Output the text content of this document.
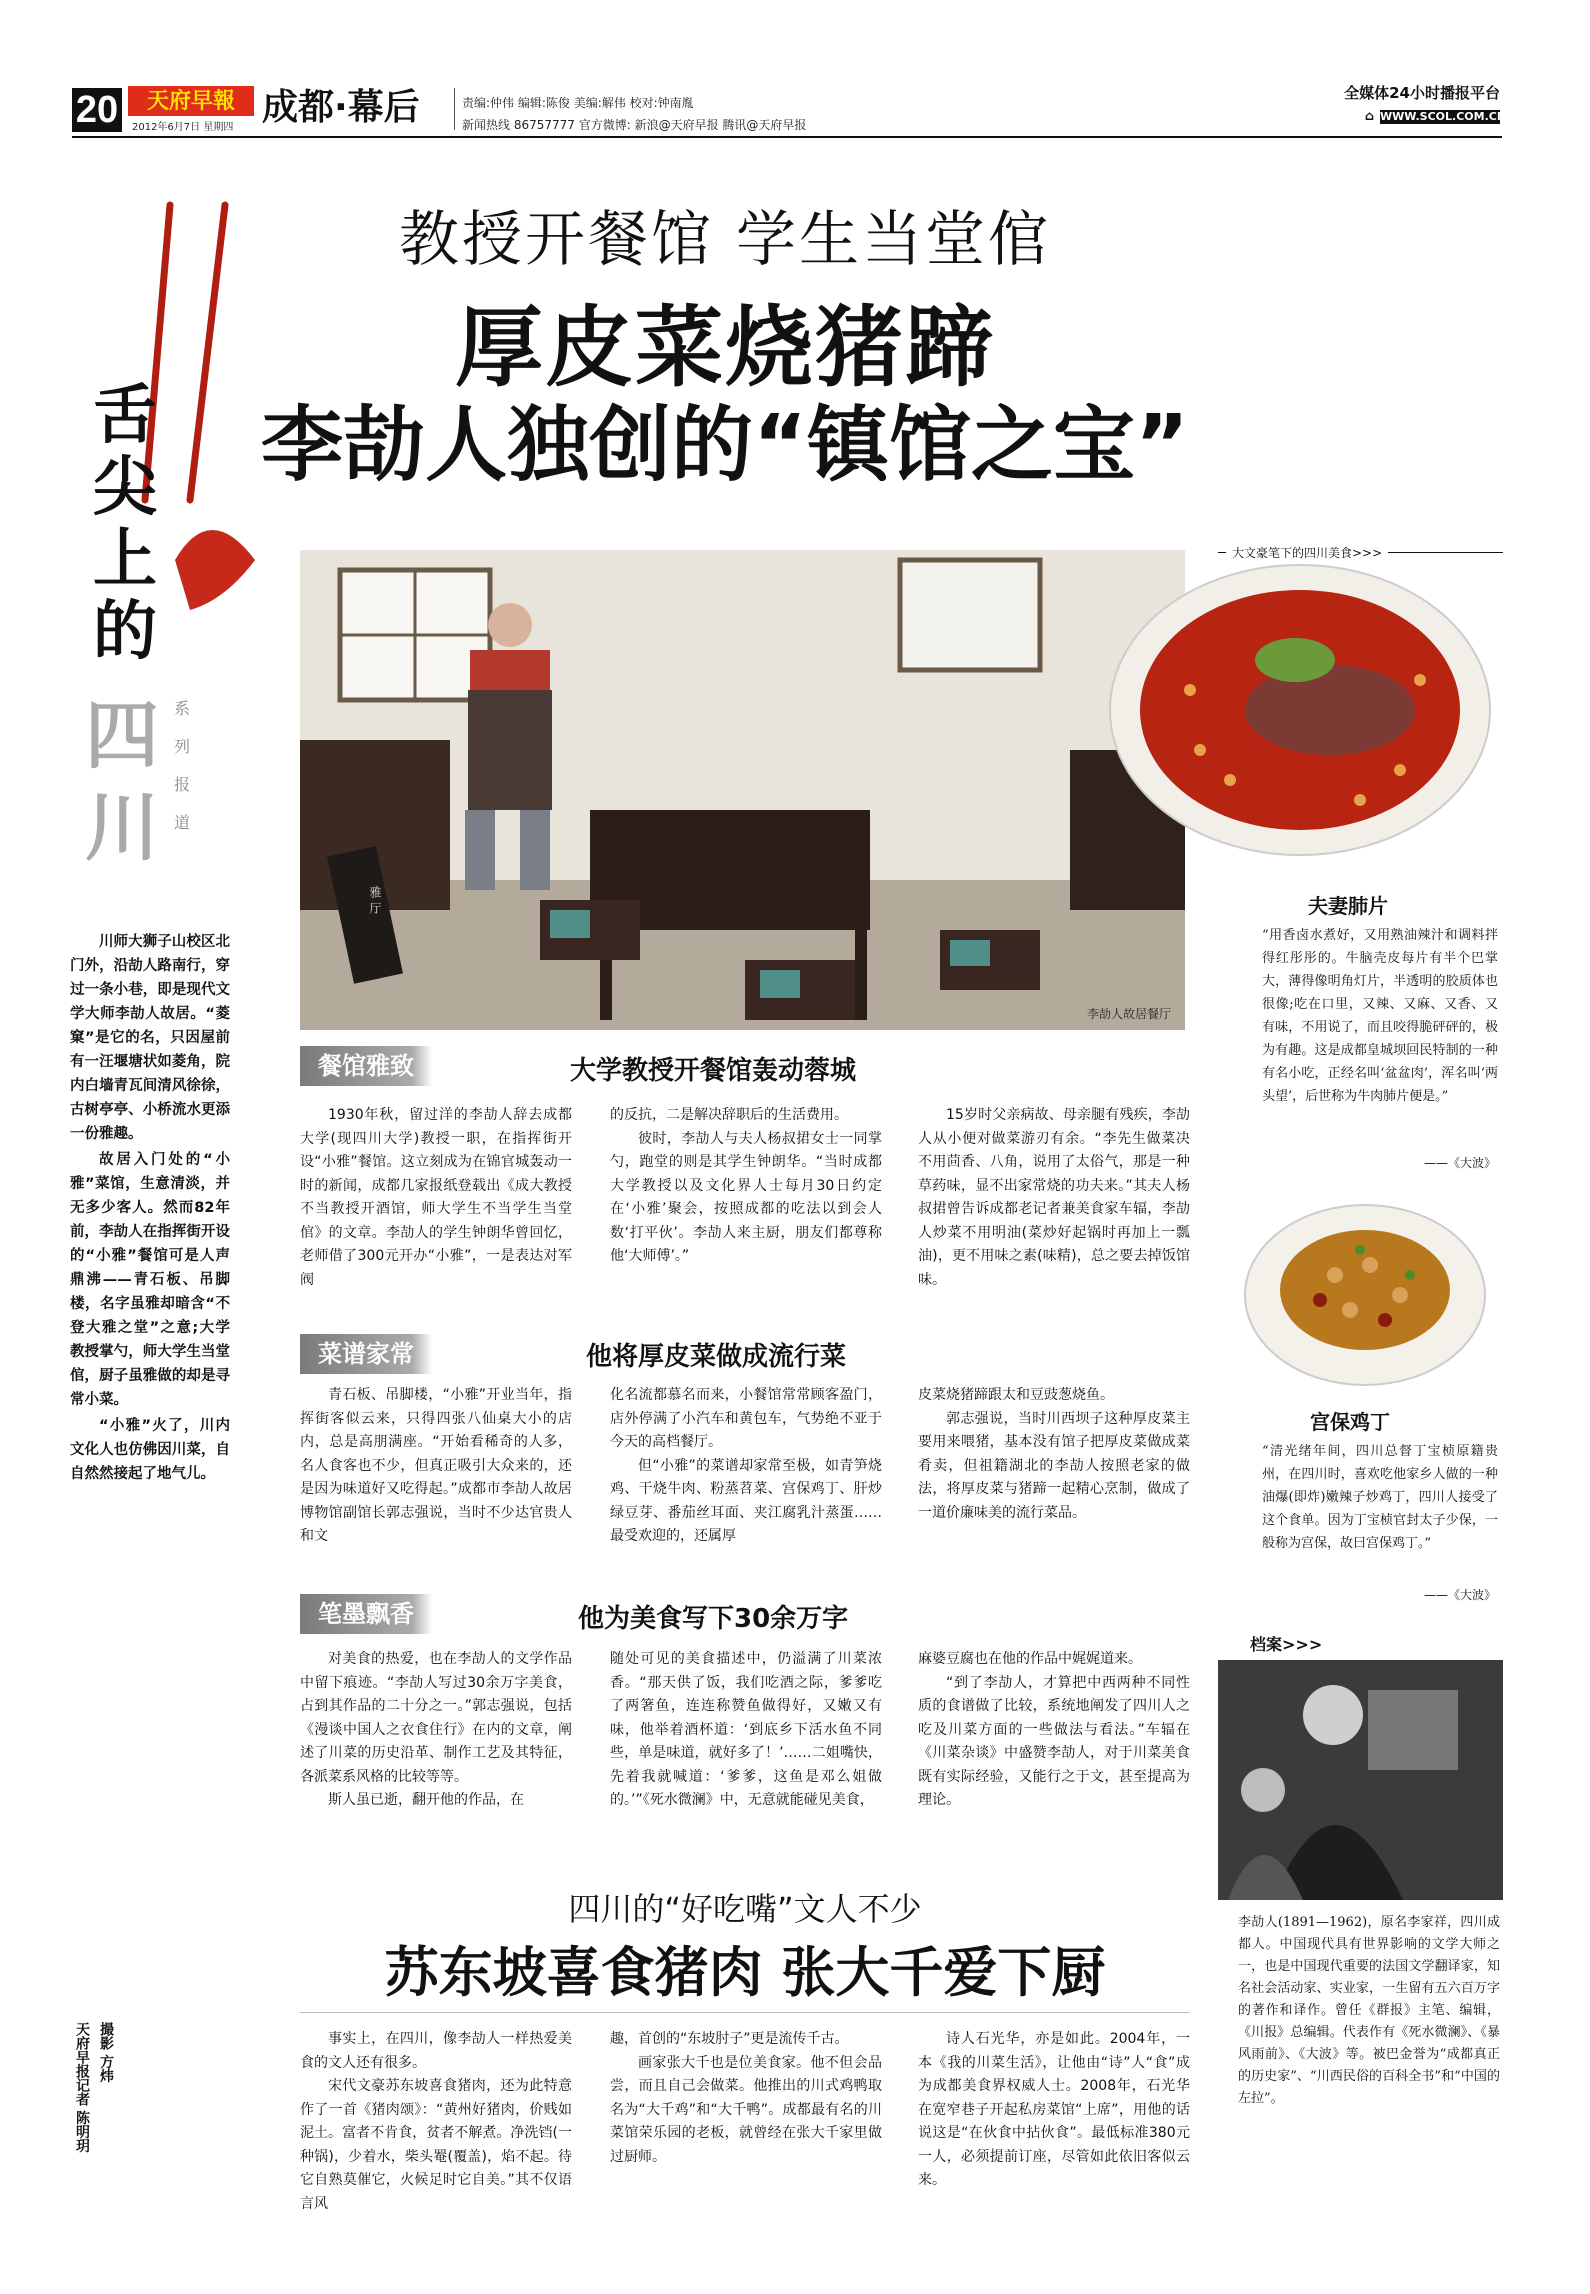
20	天府早報
2012年6月7日 星期四 成都·幕后	责编:仲伟 编辑:陈俊 美编:解伟 校对:钟南胤
新闻热线 86757777 官方微博: 新浪@天府早报 腾讯@天府早报
全媒体24小时播报平台
⌂ WWW.SCOL.COM.CN
舌尖上的
四川
系列报道
教授开餐馆 学生当堂倌
厚皮菜烧猪蹄
李劼人独创的“镇馆之宝”
雅 厅
李劼人故居餐厅
大文豪笔下的四川美食>>>
夫妻肺片
“用香卤水煮好，又用熟油辣汁和调料拌得红彤彤的。牛脑壳皮每片有半个巴掌大，薄得像明角灯片，半透明的胶质体也很像;吃在口里，又辣、又麻、又香、又有味，不用说了，而且咬得脆砰砰的，极为有趣。这是成都皇城坝回民特制的一种有名小吃，正经名叫‘盆盆肉’，浑名叫‘两头望’，后世称为牛肉肺片便是。”
——《大波》
宫保鸡丁
“清光绪年间，四川总督丁宝桢原籍贵州，在四川时，喜欢吃他家乡人做的一种油爆(即炸)嫩辣子炒鸡丁，四川人接受了这个食单。因为丁宝桢官封太子少保，一般称为宫保，故曰宫保鸡丁。”
——《大波》
档案>>>
李劼人(1891—1962)，原名李家祥，四川成都人。中国现代具有世界影响的文学大师之一，也是中国现代重要的法国文学翻译家，知名社会活动家、实业家，一生留有五六百万字的著作和译作。曾任《群报》主笔、编辑，《川报》总编辑。代表作有《死水微澜》、《暴风雨前》、《大波》等。被巴金誉为“成都真正的历史家”、“川西民俗的百科全书”和“中国的左拉”。

川师大狮子山校区北门外，沿劼人路南行，穿过一条小巷，即是现代文学大师李劼人故居。“菱窠”是它的名，只因屋前有一汪堰塘状如菱角，院内白墙青瓦间清风徐徐，古树亭亭、小桥流水更添一份雅趣。

故居入门处的“小雅”菜馆，生意清淡，并无多少客人。然而82年前，李劼人在指挥街开设的“小雅”餐馆可是人声鼎沸——青石板、吊脚楼，名字虽雅却暗含“不登大雅之堂”之意;大学教授掌勺，师大学生当堂倌，厨子虽雅做的却是寻常小菜。

“小雅”火了，川内文化人也仿佛因川菜，自自然然接起了地气儿。

天府早报记者 陈明玥 撮影 方炜
餐馆雅致	大学教授开餐馆轰动蓉城

1930年秋，留过洋的李劼人辞去成都大学(现四川大学)教授一职，在指挥街开设“小雅”餐馆。这立刻成为在锦官城轰动一时的新闻，成都几家报纸登载出《成大教授不当教授开酒馆，师大学生不当学生当堂倌》的文章。李劼人的学生钟朗华曾回忆，老师借了300元开办“小雅”，一是表达对军阀

的反抗，二是解决辞职后的生活费用。

彼时，李劼人与夫人杨叔捃女士一同掌勺，跑堂的则是其学生钟朗华。“当时成都大学教授以及文化界人士每月30日约定在‘小雅’聚会，按照成都的吃法以到会人数‘打平伙’。李劼人来主厨，朋友们都尊称他‘大师傅’。”

15岁时父亲病故、母亲腿有残疾，李劼人从小便对做菜游刃有余。“李先生做菜决不用茴香、八角，说用了太俗气，那是一种草药味，显不出家常烧的功夫来。”其夫人杨叔捃曾告诉成都老记者兼美食家车辐，李劼人炒菜不用明油(菜炒好起锅时再加上一瓢油)，更不用味之素(味精)，总之要去掉饭馆味。

菜谱家常	他将厚皮菜做成流行菜

青石板、吊脚楼，“小雅”开业当年，指挥街客似云来，只得四张八仙桌大小的店内，总是高朋满座。“开始看稀奇的人多，名人食客也不少，但真正吸引大众来的，还是因为味道好又吃得起。”成都市李劼人故居博物馆副馆长郭志强说，当时不少达官贵人和文

化名流都慕名而来，小餐馆常常顾客盈门，店外停满了小汽车和黄包车，气势绝不亚于今天的高档餐厅。

但“小雅”的菜谱却家常至极，如青笋烧鸡、干烧牛肉、粉蒸苕菜、宫保鸡丁、肝炒绿豆芽、番茄丝耳面、夹江腐乳汁蒸蛋……最受欢迎的，还属厚

皮菜烧猪蹄跟太和豆豉葱烧鱼。

郭志强说，当时川西坝子这种厚皮菜主要用来喂猪，基本没有馆子把厚皮菜做成菜肴卖，但祖籍湖北的李劼人按照老家的做法，将厚皮菜与猪蹄一起精心烹制，做成了一道价廉味美的流行菜品。

笔墨飘香	他为美食写下30余万字

对美食的热爱，也在李劼人的文学作品中留下痕迹。“李劼人写过30余万字美食，占到其作品的二十分之一。”郭志强说，包括《漫谈中国人之衣食住行》在内的文章，阐述了川菜的历史沿革、制作工艺及其特征，各派菜系风格的比较等等。

斯人虽已逝，翻开他的作品，在

随处可见的美食描述中，仍溢满了川菜浓香。“那天供了饭，我们吃酒之际，爹爹吃了两箸鱼，连连称赞鱼做得好，又嫩又有味，他举着酒杯道：‘到底乡下活水鱼不同些，单是味道，就好多了！’……二姐嘴快，先着我就喊道：‘爹爹，这鱼是邓么姐做的。’”《死水微澜》中，无意就能碰见美食，

麻婆豆腐也在他的作品中娓娓道来。

“到了李劼人，才算把中西两种不同性质的食谱做了比较，系统地阐发了四川人之吃及川菜方面的一些做法与看法。”车辐在《川菜杂谈》中盛赞李劼人，对于川菜美食既有实际经验，又能行之于文，甚至提高为理论。

四川的“好吃嘴”文人不少
苏东坡喜食猪肉 张大千爱下厨

事实上，在四川，像李劼人一样热爱美食的文人还有很多。

宋代文豪苏东坡喜食猪肉，还为此特意作了一首《猪肉颂》：“黄州好猪肉，价贱如泥土。富者不肯食，贫者不解煮。净洗铛(一种锅)，少着水，柴头罨(覆盖)，焰不起。待它自熟莫催它，火候足时它自美。”其不仅语言风

趣，首创的“东坡肘子”更是流传千古。

画家张大千也是位美食家。他不但会品尝，而且自己会做菜。他推出的川式鸡鸭取名为“大千鸡”和“大千鸭”。成都最有名的川菜馆荣乐园的老板，就曾经在张大千家里做过厨师。

诗人石光华，亦是如此。2004年，一本《我的川菜生活》，让他由“诗”人“食”成为成都美食界权威人士。2008年，石光华在宽窄巷子开起私房菜馆“上席”，用他的话说这是“在伙食中拈伙食”。最低标准380元一人，必须提前订座，尽管如此依旧客似云来。
